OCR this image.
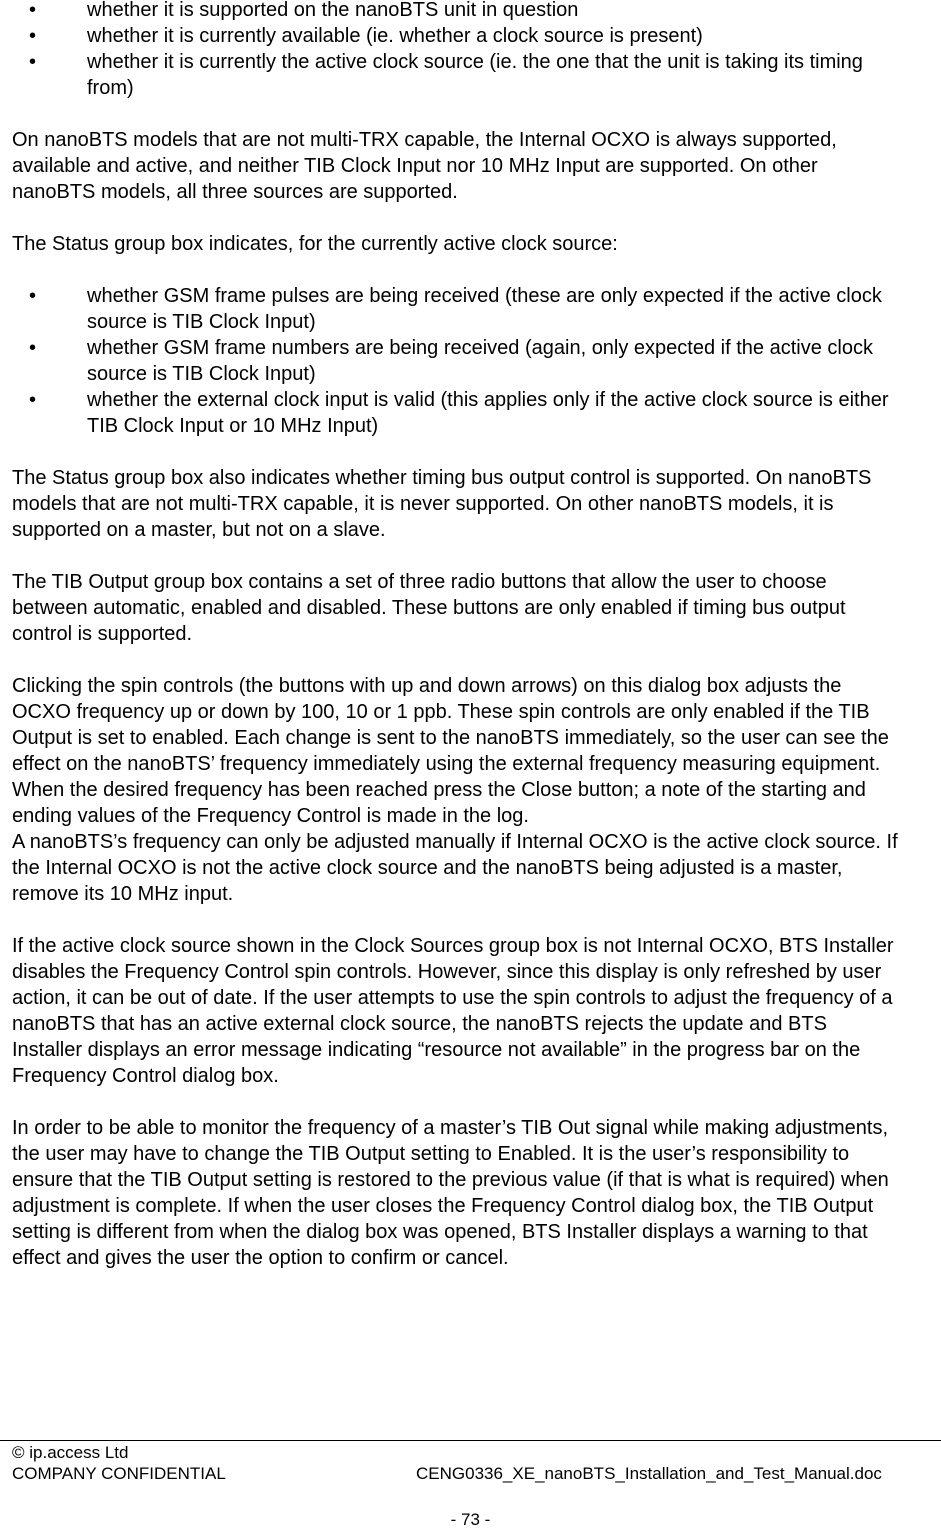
• whether it is supported on the nanoBTS unit in question
• whether it is currently available (ie. whether a clock source is present)
• whether it is currently the active clock source (ie. the one that the unit is taking its timing from)

On nanoBTS models that are not multi-TRX capable, the Internal OCXO is always supported, available and active, and neither TIB Clock Input nor 10 MHz Input are supported. On other nanoBTS models, all three sources are supported.

The Status group box indicates, for the currently active clock source:

• whether GSM frame pulses are being received (these are only expected if the active clock source is TIB Clock Input)
• whether GSM frame numbers are being received (again, only expected if the active clock source is TIB Clock Input)
• whether the external clock input is valid (this applies only if the active clock source is either TIB Clock Input or 10 MHz Input)

The Status group box also indicates whether timing bus output control is supported. On nanoBTS models that are not multi-TRX capable, it is never supported. On other nanoBTS models, it is supported on a master, but not on a slave.

The TIB Output group box contains a set of three radio buttons that allow the user to choose between automatic, enabled and disabled. These buttons are only enabled if timing bus output control is supported.

Clicking the spin controls (the buttons with up and down arrows) on this dialog box adjusts the OCXO frequency up or down by 100, 10 or 1 ppb. These spin controls are only enabled if the TIB Output is set to enabled. Each change is sent to the nanoBTS immediately, so the user can see the effect on the nanoBTS’ frequency immediately using the external frequency measuring equipment. When the desired frequency has been reached press the Close button; a note of the starting and ending values of the Frequency Control is made in the log.

A nanoBTS’s frequency can only be adjusted manually if Internal OCXO is the active clock source. If the Internal OCXO is not the active clock source and the nanoBTS being adjusted is a master, remove its 10 MHz input.

If the active clock source shown in the Clock Sources group box is not Internal OCXO, BTS Installer disables the Frequency Control spin controls. However, since this display is only refreshed by user action, it can be out of date. If the user attempts to use the spin controls to adjust the frequency of a nanoBTS that has an active external clock source, the nanoBTS rejects the update and BTS Installer displays an error message indicating “resource not available” in the progress bar on the Frequency Control dialog box.

In order to be able to monitor the frequency of a master’s TIB Out signal while making adjustments, the user may have to change the TIB Output setting to Enabled. It is the user’s responsibility to ensure that the TIB Output setting is restored to the previous value (if that is what is required) when adjustment is complete. If when the user closes the Frequency Control dialog box, the TIB Output setting is different from when the dialog box was opened, BTS Installer displays a warning to that effect and gives the user the option to confirm or cancel.

© ip.access Ltd
COMPANY CONFIDENTIAL	CENG0336_XE_nanoBTS_Installation_and_Test_Manual.doc
- 73 -
